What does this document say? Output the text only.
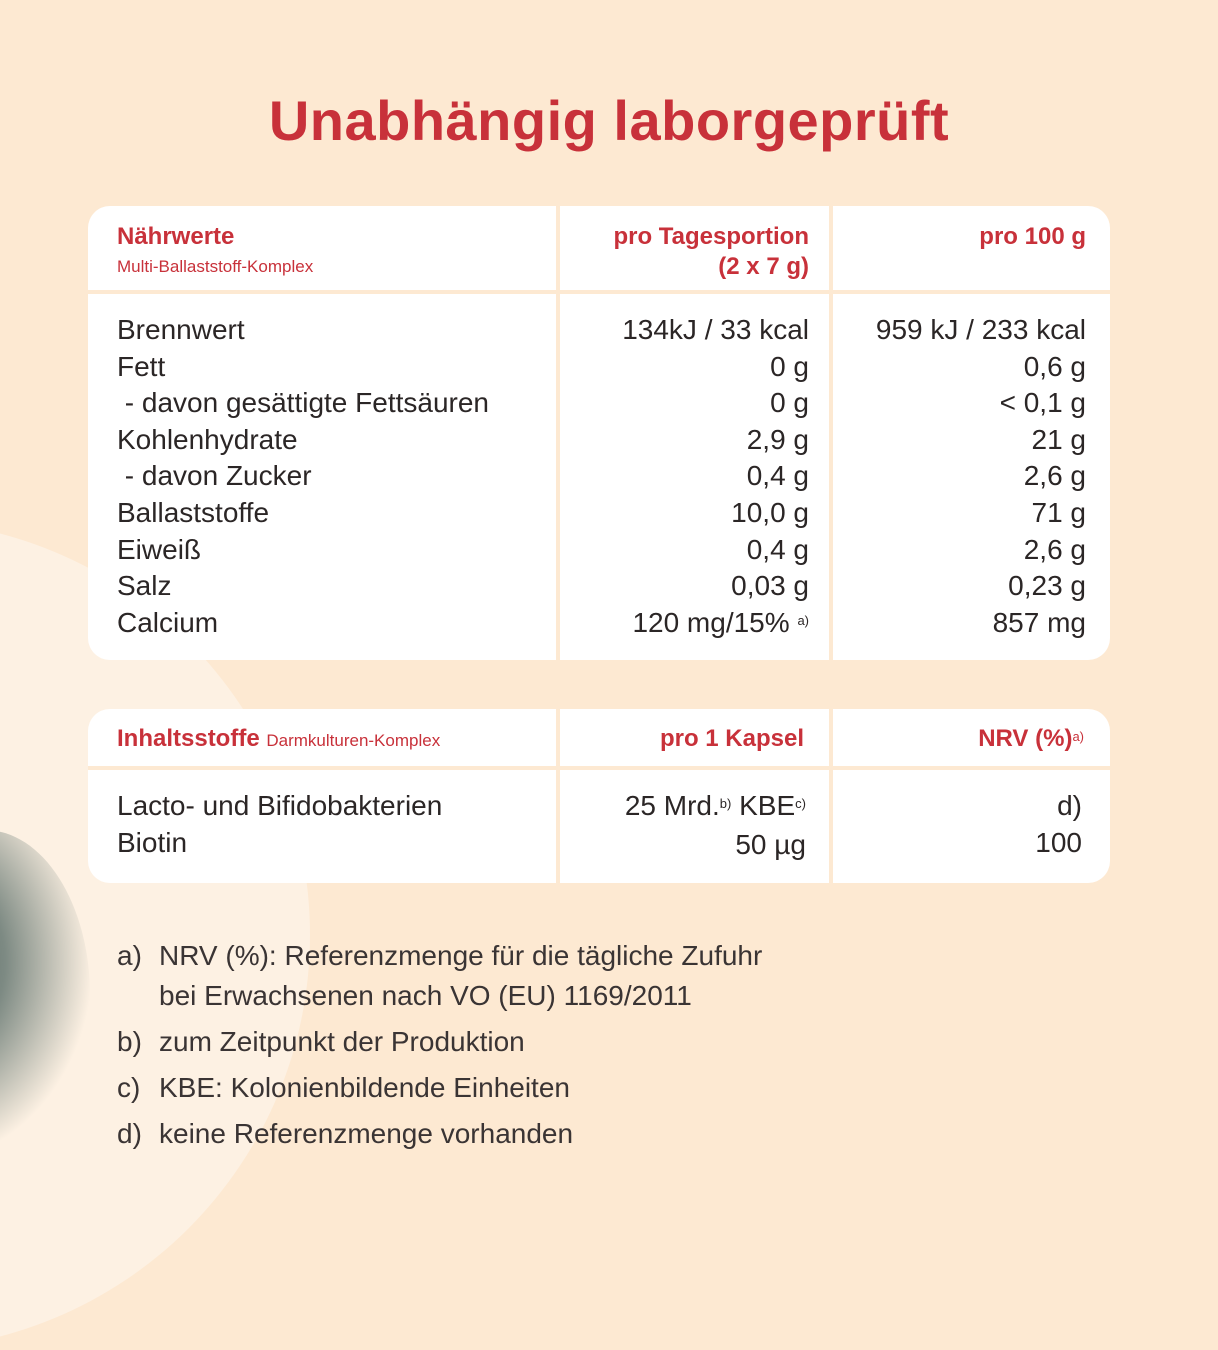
Unabhängig laborgeprüft
Nährwerte
Multi-Ballaststoff-Komplex
pro Tagesportion
(2 x 7 g)
pro 100 g
Brennwert
Fett
- davon gesättigte Fettsäuren
Kohlenhydrate
- davon Zucker
Ballaststoffe
Eiweiß
Salz
Calcium
134kJ / 33 kcal
0 g
0 g
2,9 g
0,4 g
10,0 g
0,4 g
0,03 g
120 mg/15% $^{a)}$
959 kJ / 233 kcal
0,6 g
< 0,1 g
21 g
2,6 g
71 g
2,6 g
0,23 g
857 mg
Inhaltsstoffe Darmkulturen-Komplex	pro 1 Kapsel	NRV (%)$^{a)}$
Lacto- und Bifidobakterien
Biotin
25 Mrd.$^{b)}$ KBE$^{c)}$
50 µg
d)
100
a) NRV (%): Referenzmenge für die tägliche Zufuhr
bei Erwachsenen nach VO (EU) 1169/2011
b) zum Zeitpunkt der Produktion
c) KBE: Kolonienbildende Einheiten
d) keine Referenzmenge vorhanden
